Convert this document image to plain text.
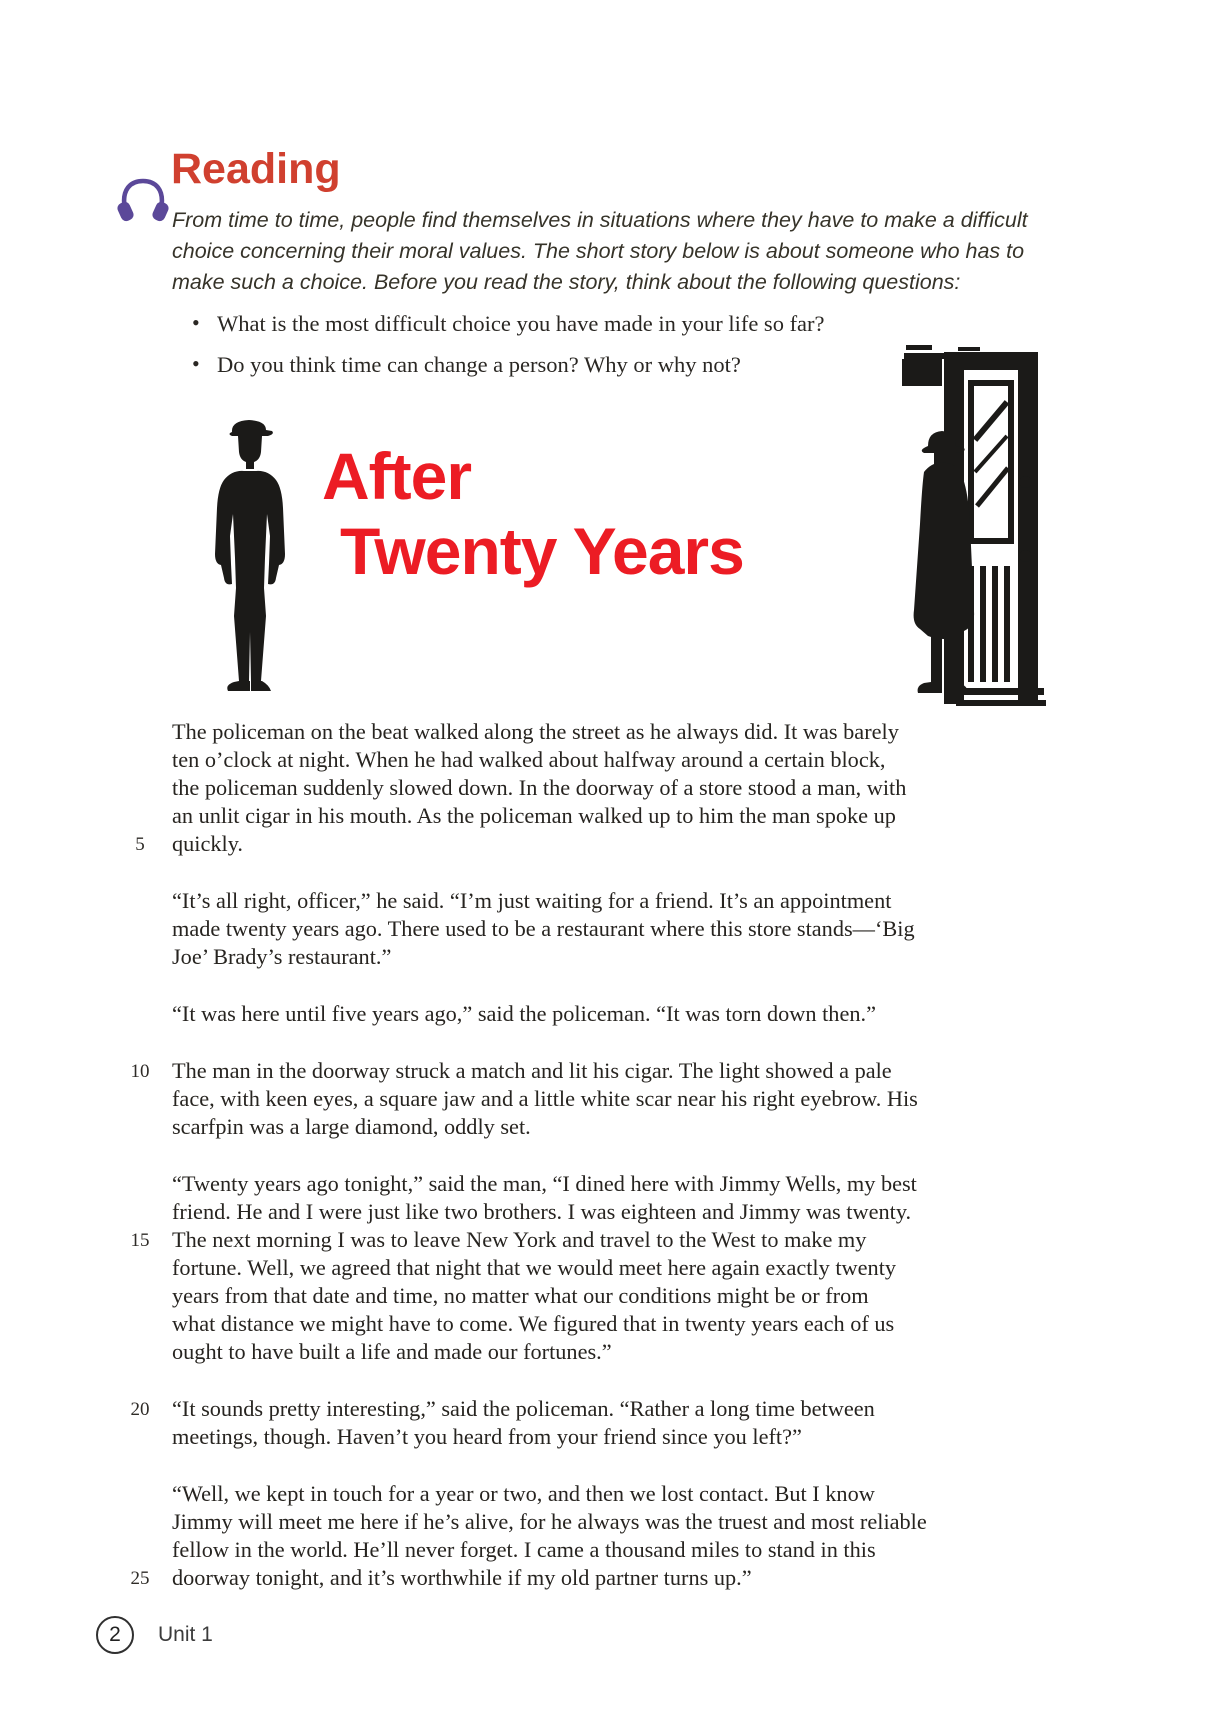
Reading
From time to time, people find themselves in situations where they have to make a difficult
choice concerning their moral values. The short story below is about someone who has to
make such a choice. Before you read the story, think about the following questions:
• What is the most difficult choice you have made in your life so far?
• Do you think time can change a person? Why or why not?
After
Twenty Years
The policeman on the beat walked along the street as he always did. It was barely
ten o’clock at night. When he had walked about halfway around a certain block,
the policeman suddenly slowed down. In the doorway of a store stood a man, with
an unlit cigar in his mouth. As the policeman walked up to him the man spoke up
quickly.
5
“It’s all right, officer,” he said. “I’m just waiting for a friend. It’s an appointment
made twenty years ago. There used to be a restaurant where this store stands—‘Big
Joe’ Brady’s restaurant.”
“It was here until five years ago,” said the policeman. “It was torn down then.”
The man in the doorway struck a match and lit his cigar. The light showed a pale
10
face, with keen eyes, a square jaw and a little white scar near his right eyebrow. His
scarfpin was a large diamond, oddly set.
“Twenty years ago tonight,” said the man, “I dined here with Jimmy Wells, my best
friend. He and I were just like two brothers. I was eighteen and Jimmy was twenty.
The next morning I was to leave New York and travel to the West to make my
15
fortune. Well, we agreed that night that we would meet here again exactly twenty
years from that date and time, no matter what our conditions might be or from
what distance we might have to come. We figured that in twenty years each of us
ought to have built a life and made our fortunes.”
“It sounds pretty interesting,” said the policeman. “Rather a long time between
20
meetings, though. Haven’t you heard from your friend since you left?”
“Well, we kept in touch for a year or two, and then we lost contact. But I know
Jimmy will meet me here if he’s alive, for he always was the truest and most reliable
fellow in the world. He’ll never forget. I came a thousand miles to stand in this
doorway tonight, and it’s worthwhile if my old partner turns up.”
25
2	Unit 1
